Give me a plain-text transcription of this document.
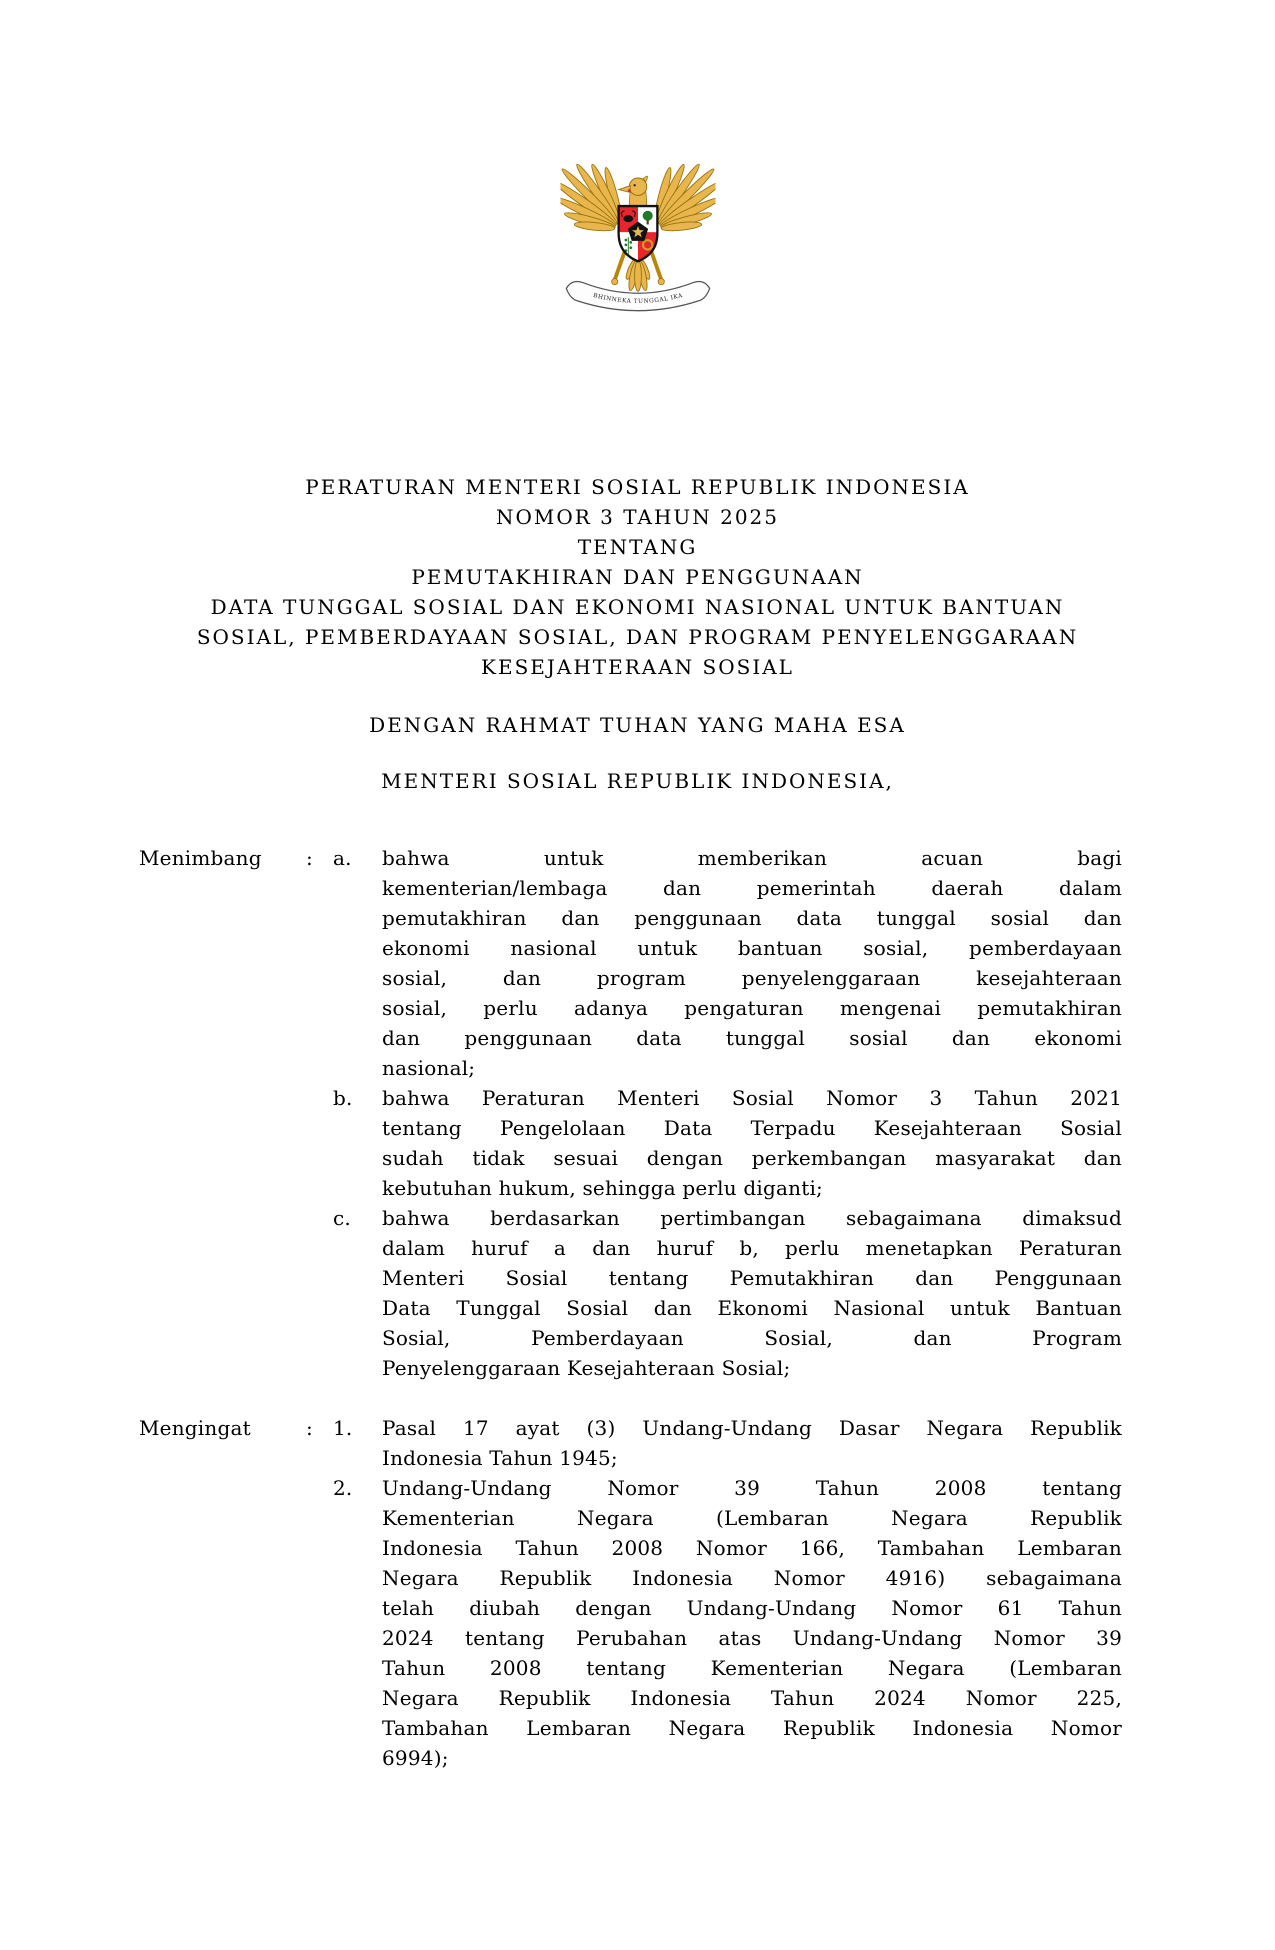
BHINNEKA TUNGGAL IKA
PERATURAN MENTERI SOSIAL REPUBLIK INDONESIA
NOMOR 3 TAHUN 2025
TENTANG
PEMUTAKHIRAN DAN PENGGUNAAN
DATA TUNGGAL SOSIAL DAN EKONOMI NASIONAL UNTUK BANTUAN
SOSIAL, PEMBERDAYAAN SOSIAL, DAN PROGRAM PENYELENGGARAAN
KESEJAHTERAAN SOSIAL
DENGAN RAHMAT TUHAN YANG MAHA ESA
MENTERI SOSIAL REPUBLIK INDONESIA,
Menimbang	:	a.	bahwa untuk memberikan acuan bagi
kementerian/lembaga dan pemerintah daerah dalam
pemutakhiran dan penggunaan data tunggal sosial dan
ekonomi nasional untuk bantuan sosial, pemberdayaan
sosial, dan program penyelenggaraan kesejahteraan
sosial, perlu adanya pengaturan mengenai pemutakhiran
dan penggunaan data tunggal sosial dan ekonomi
nasional;
b.	bahwa Peraturan Menteri Sosial Nomor 3 Tahun 2021
tentang Pengelolaan Data Terpadu Kesejahteraan Sosial
sudah tidak sesuai dengan perkembangan masyarakat dan
kebutuhan hukum, sehingga perlu diganti;
c.	bahwa berdasarkan pertimbangan sebagaimana dimaksud
dalam huruf a dan huruf b, perlu menetapkan Peraturan
Menteri Sosial tentang Pemutakhiran dan Penggunaan
Data Tunggal Sosial dan Ekonomi Nasional untuk Bantuan
Sosial, Pemberdayaan Sosial, dan Program
Penyelenggaraan Kesejahteraan Sosial;
Mengingat	:	1.	Pasal 17 ayat (3) Undang-Undang Dasar Negara Republik
Indonesia Tahun 1945;
2.	Undang-Undang Nomor 39 Tahun 2008 tentang
Kementerian Negara (Lembaran Negara Republik
Indonesia Tahun 2008 Nomor 166, Tambahan Lembaran
Negara Republik Indonesia Nomor 4916) sebagaimana
telah diubah dengan Undang-Undang Nomor 61 Tahun
2024 tentang Perubahan atas Undang-Undang Nomor 39
Tahun 2008 tentang Kementerian Negara (Lembaran
Negara Republik Indonesia Tahun 2024 Nomor 225,
Tambahan Lembaran Negara Republik Indonesia Nomor
6994);
